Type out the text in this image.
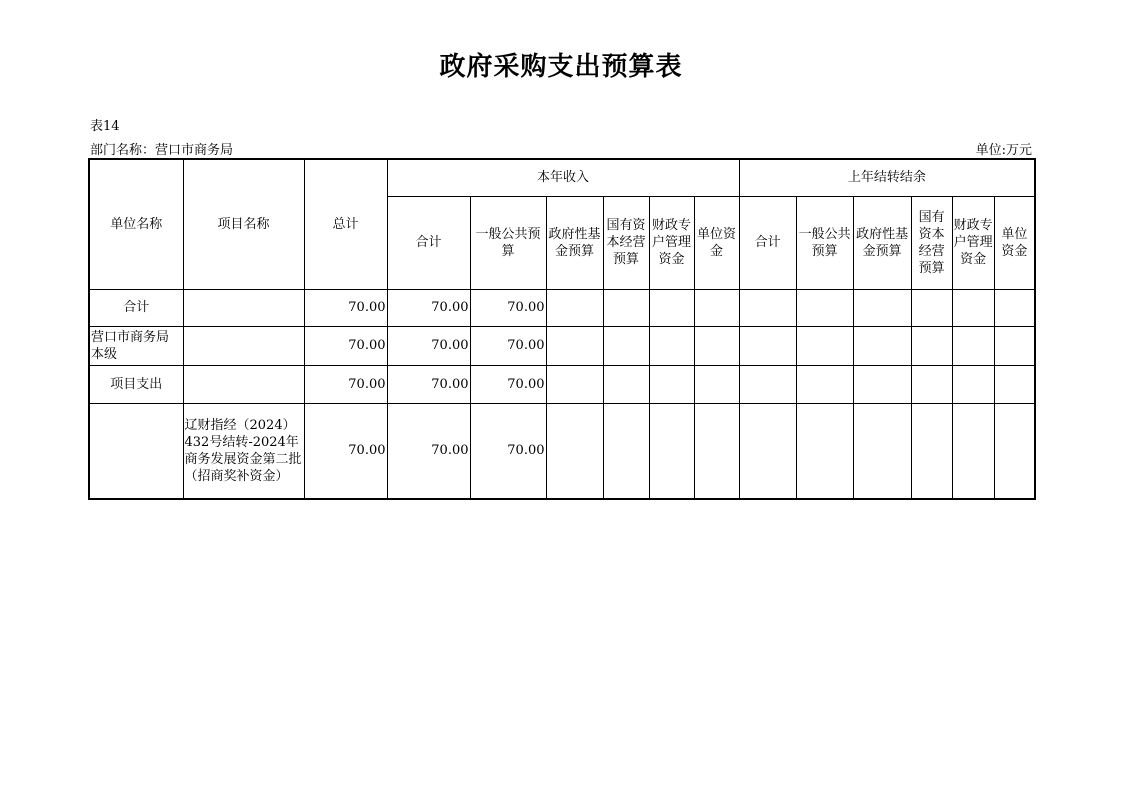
政府采购支出预算表
表14
部门名称：营口市商务局	单位:万元
单位名称	项目名称	总计	本年收入						上年结转结余					
			合计	一般公共预算	政府性基金预算	国有资本经营预算	财政专户管理资金	单位资金	合计	一般公共预算	政府性基金预算	国有资本经营预算	财政专户管理资金	单位资金
合计		70.00	70.00	70.00										
营口市商务局本级		70.00	70.00	70.00										
项目支出		70.00	70.00	70.00										
	辽财指经（2024）432号结转-2024年商务发展资金第二批（招商奖补资金）	70.00	70.00	70.00										
